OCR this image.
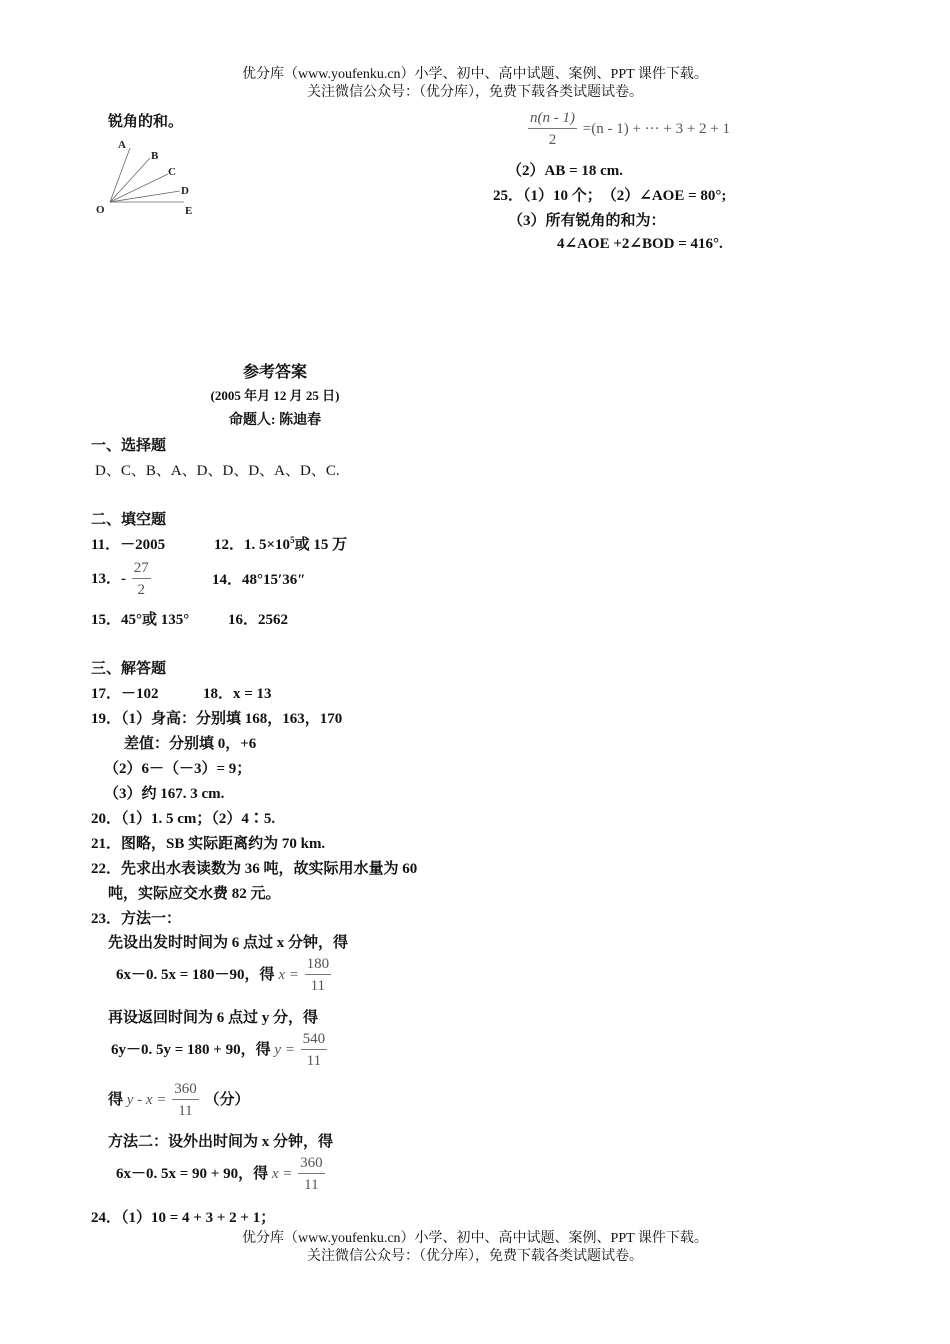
优分库（www.youfenku.cn）小学、初中、高中试题、案例、PPT 课件下载。
关注微信公众号：（优分库），免费下载各类试题试卷。
锐角的和。
A
B
C
D
O	E
$\frac{n(n - 1)}{2} =(n - 1)$ + ··· + 3 + 2 + 1
（2）AB = 18 cm.
25．（1）10 个；　（2）∠AOE = 80°;
（3）所有锐角的和为：
4∠AOE +2∠BOD = 416°.
参考答案
(2005 年月 12 月 25 日)
命题人: 陈迪春
一、选择题
D、C、B、A、D、D、D、A、D、C.
二、填空题
11．－2005	12．1. $5\times 10^5$或 15 万
13．- $\frac{27}{2}$	14．48°15′36″
15．45°或 135°	16．2562
三、解答题
17．－102	18．x = 13
19．（1）身高：分别填 168，163，170
差值：分别填 0，+6
（2）6－（－3）= 9；
（3）约 167. 3 cm.
20．（1）1. 5 cm；（2）4∶5.
21．图略，SB 实际距离约为 70 km.
22．先求出水表读数为 36 吨，故实际用水量为 60
吨，实际应交水费 82 元。
23．方法一：
先设出发时时间为 6 点过 x 分钟，得
6x－0. 5x = 180－90，得 $x = \frac{180}{11}$
再设返回时间为 6 点过 y 分，得
6y－0. 5y = 180 + 90，得 $y = \frac{540}{11}$
得 $y - x = \frac{360}{11}$ （分）
方法二：设外出时间为 x 分钟，得
6x－0. 5x = 90 + 90，得 $x = \frac{360}{11}$
24．（1）10 = 4 + 3 + 2 + 1；
优分库（www.youfenku.cn）小学、初中、高中试题、案例、PPT 课件下载。
关注微信公众号：（优分库），免费下载各类试题试卷。
